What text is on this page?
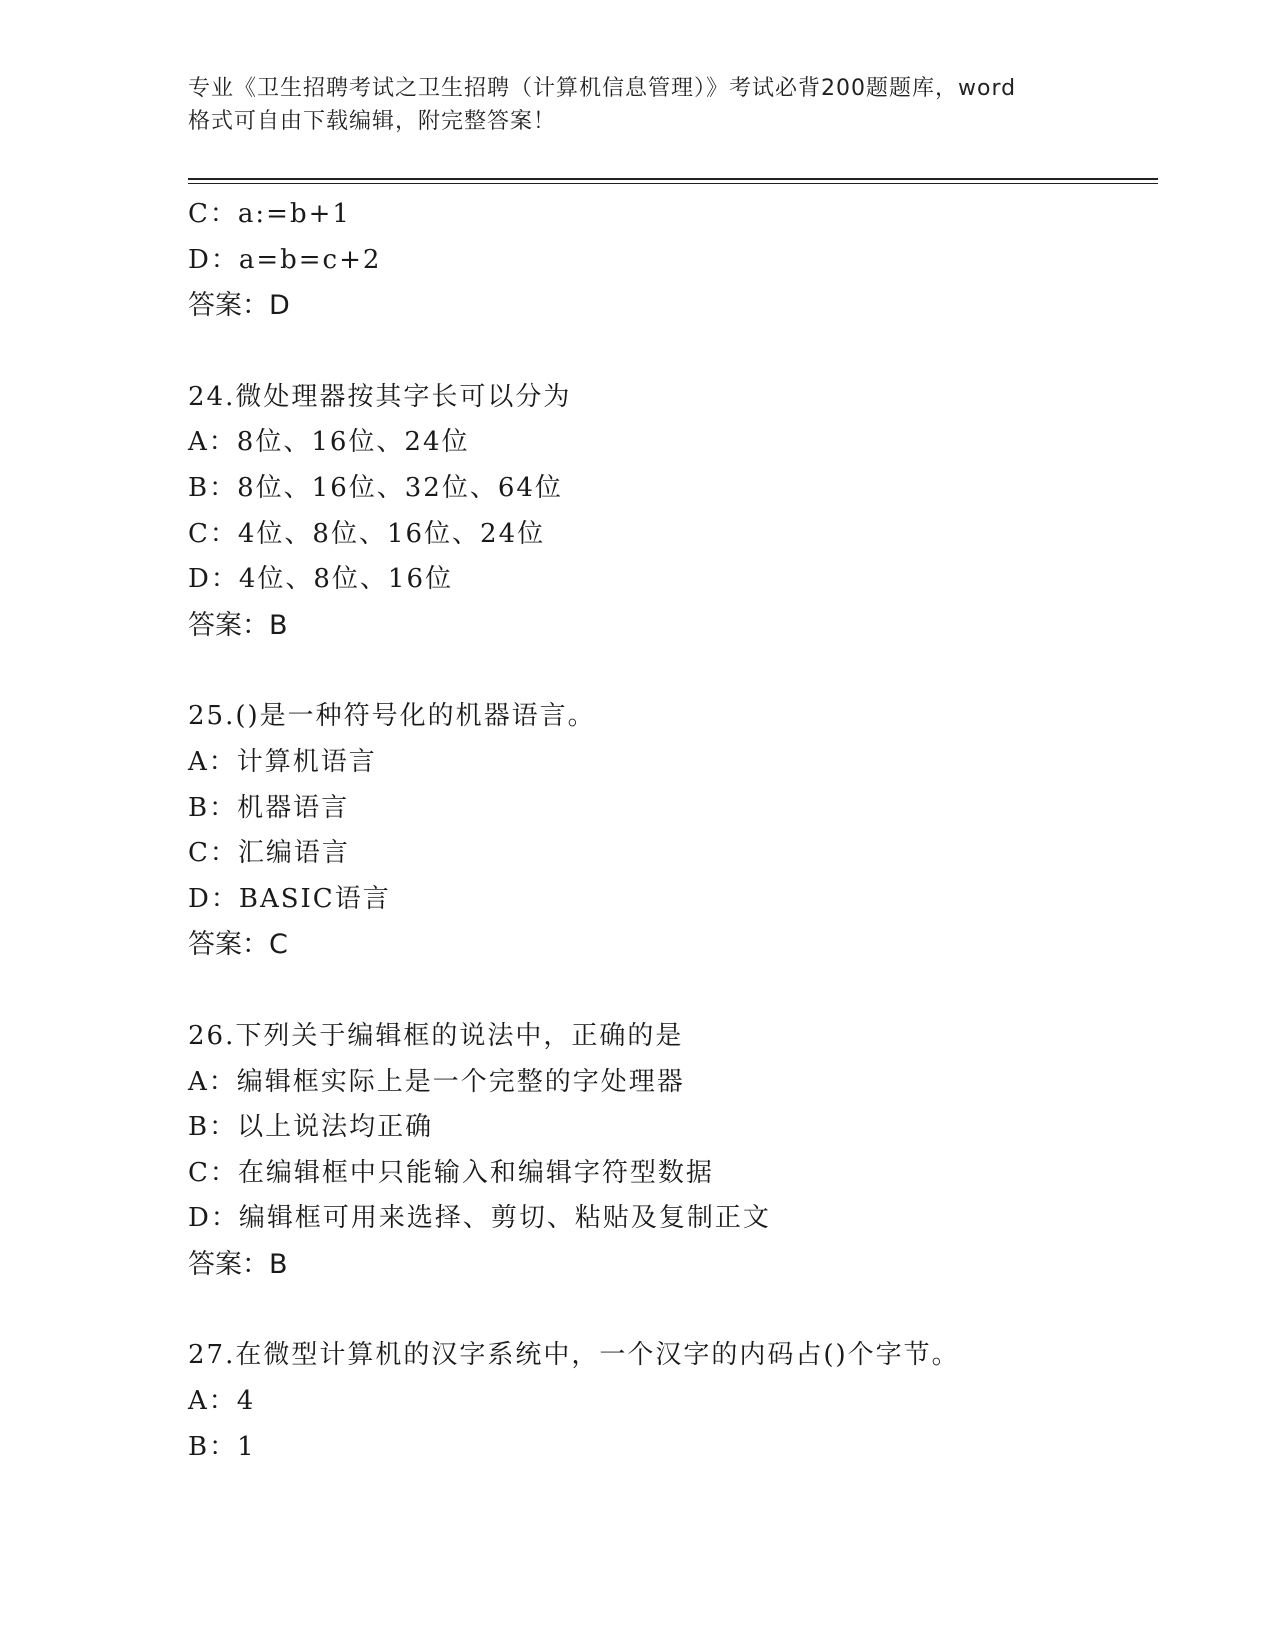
专业《卫生招聘考试之卫生招聘（计算机信息管理）》考试必背200题题库，word
格式可自由下载编辑，附完整答案！
C：a:=b+1
D：a=b=c+2
答案：D
24.微处理器按其字长可以分为
A：8位、16位、24位
B：8位、16位、32位、64位
C：4位、8位、16位、24位
D：4位、8位、16位
答案：B
25.()是一种符号化的机器语言。
A：计算机语言
B：机器语言
C：汇编语言
D：BASIC语言
答案：C
26.下列关于编辑框的说法中，正确的是
A：编辑框实际上是一个完整的字处理器
B：以上说法均正确
C：在编辑框中只能输入和编辑字符型数据
D：编辑框可用来选择、剪切、粘贴及复制正文
答案：B
27.在微型计算机的汉字系统中，一个汉字的内码占()个字节。
A：4
B：1
